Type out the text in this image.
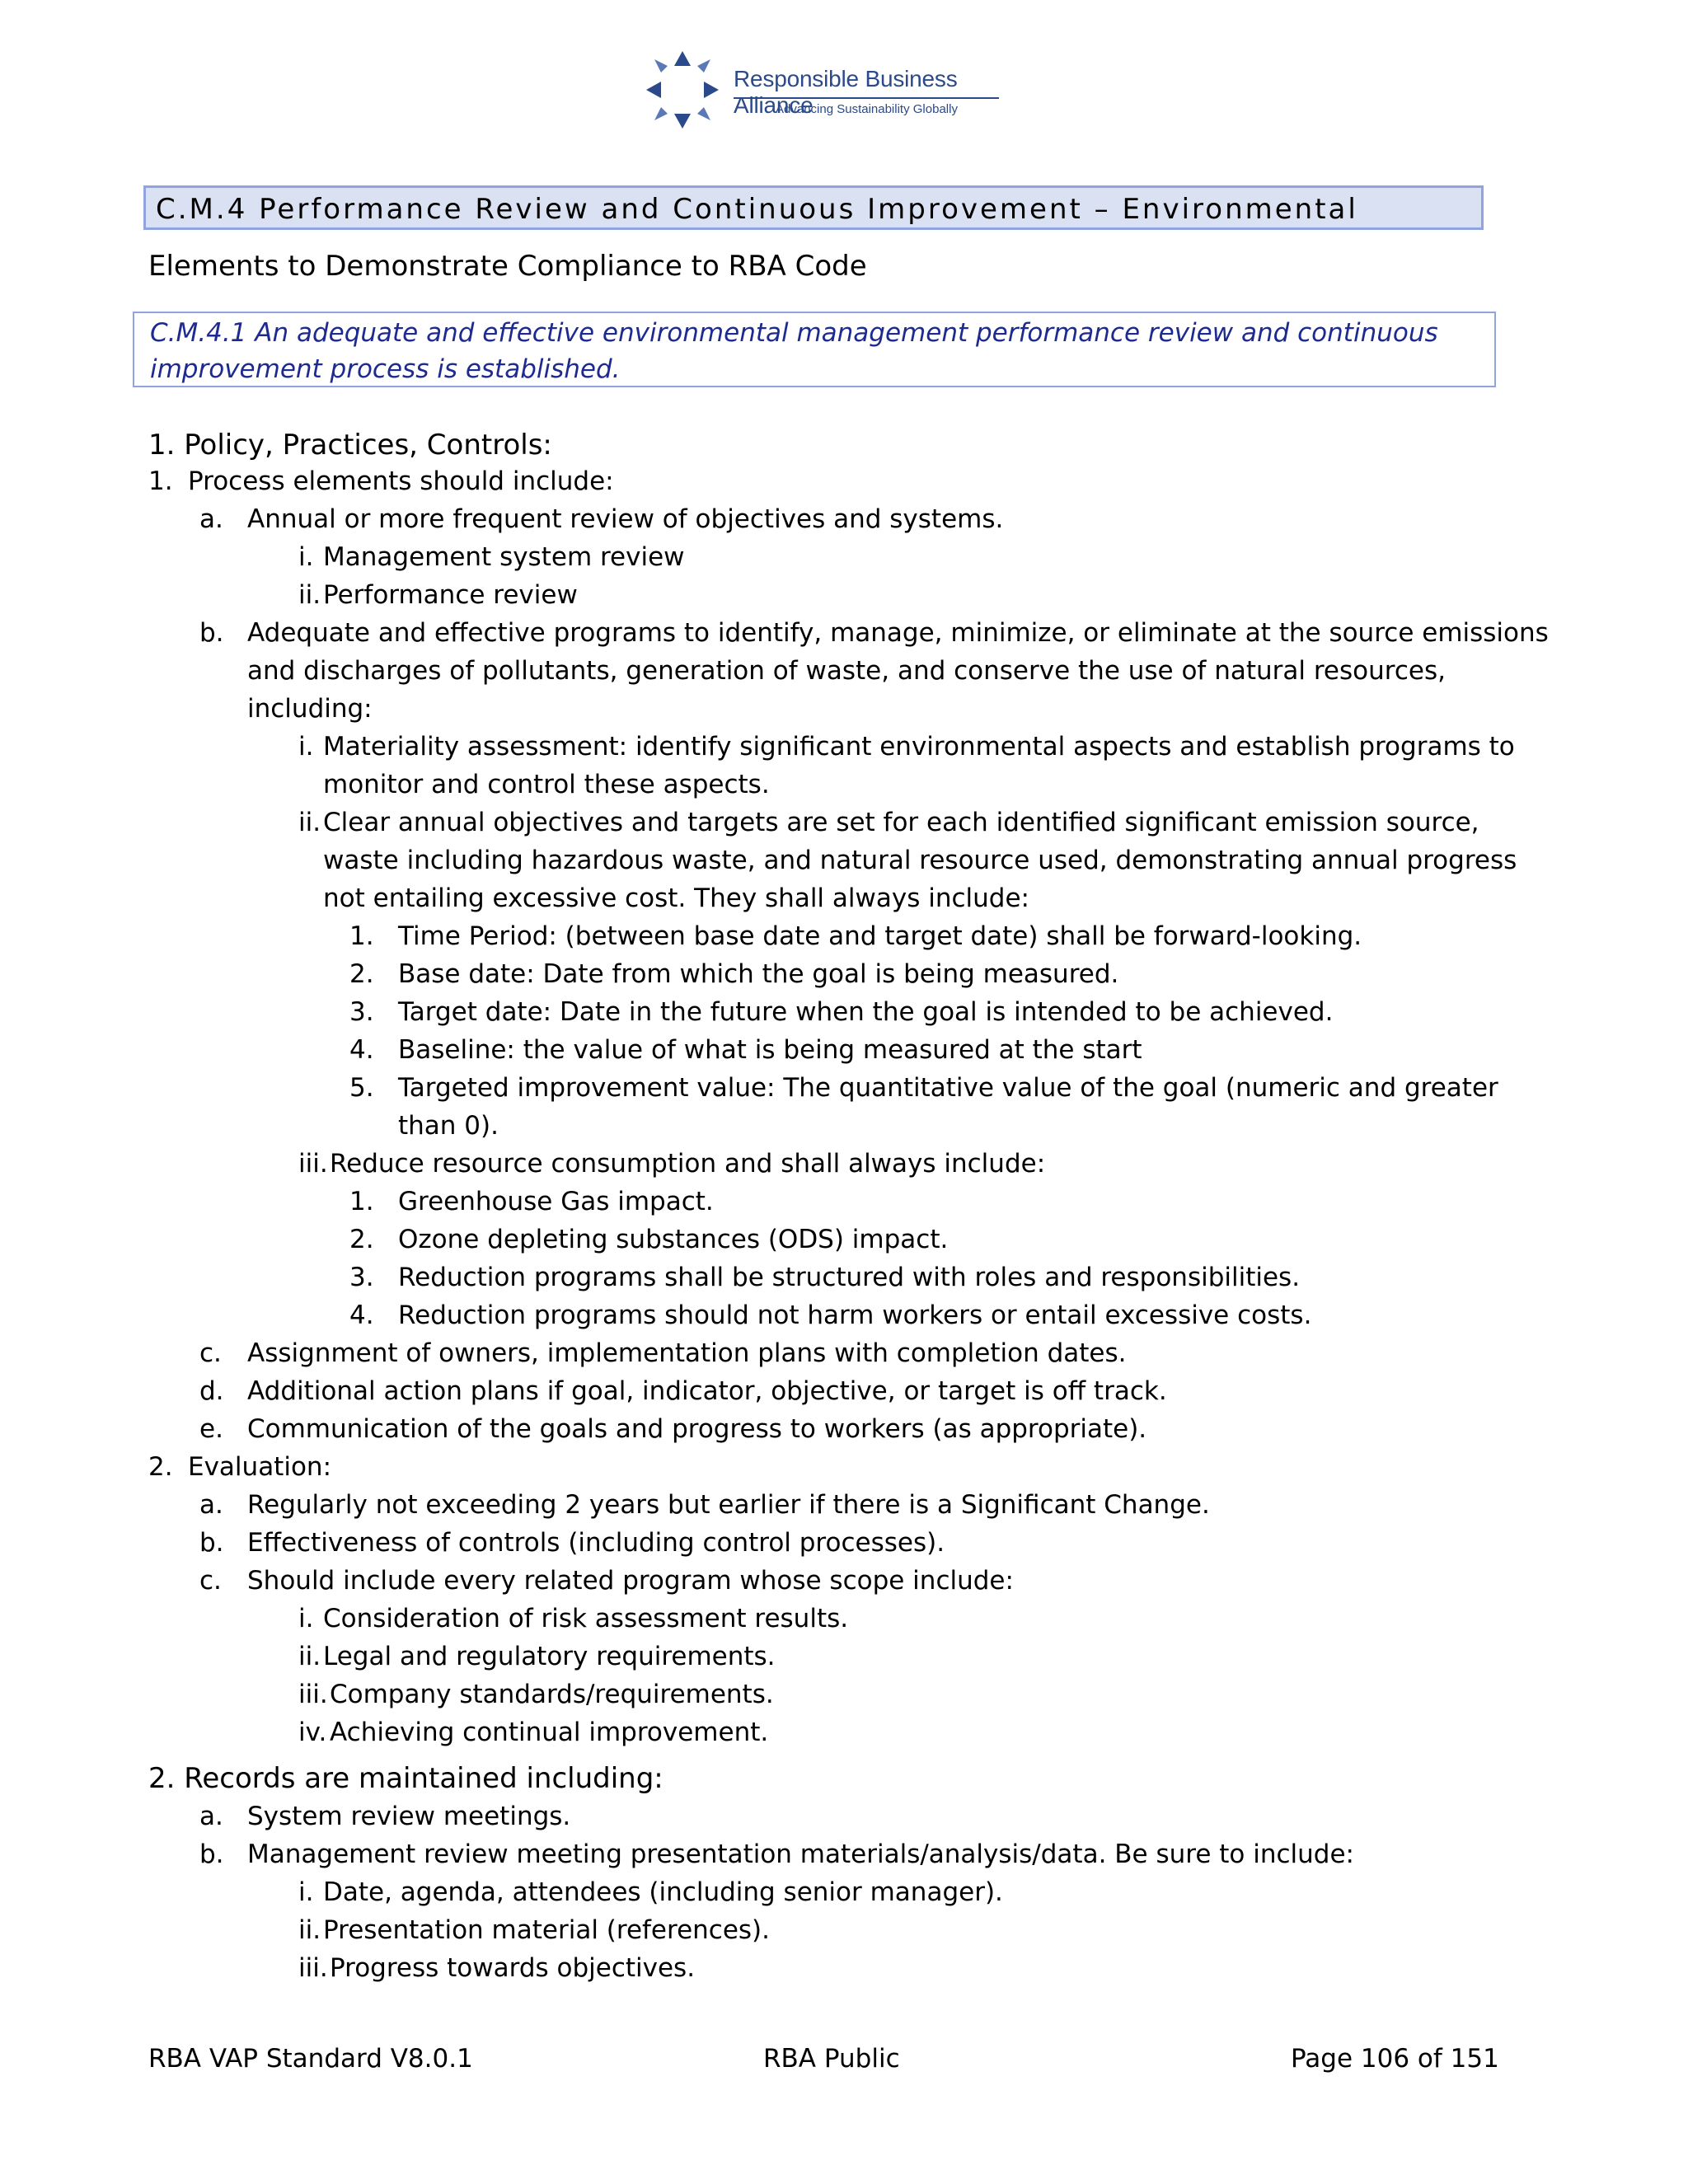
Responsible Business Alliance
Advancing Sustainability Globally
C.M.4 Performance Review and Continuous Improvement – Environmental
Elements to Demonstrate Compliance to RBA Code
C.M.4.1 An adequate and effective environmental management performance review and continuous
improvement process is established.
1. Policy, Practices, Controls:
1. Process elements should include:
a. Annual or more frequent review of objectives and systems.
i. Management system review
ii. Performance review
b. Adequate and effective programs to identify, manage, minimize, or eliminate at the source emissions
and discharges of pollutants, generation of waste, and conserve the use of natural resources,
including:
i. Materiality assessment: identify significant environmental aspects and establish programs to
monitor and control these aspects.
ii. Clear annual objectives and targets are set for each identified significant emission source,
waste including hazardous waste, and natural resource used, demonstrating annual progress
not entailing excessive cost. They shall always include:
1. Time Period: (between base date and target date) shall be forward-looking.
2. Base date: Date from which the goal is being measured.
3. Target date: Date in the future when the goal is intended to be achieved.
4. Baseline: the value of what is being measured at the start
5. Targeted improvement value: The quantitative value of the goal (numeric and greater
than 0).
iii. Reduce resource consumption and shall always include:
1. Greenhouse Gas impact.
2. Ozone depleting substances (ODS) impact.
3. Reduction programs shall be structured with roles and responsibilities.
4. Reduction programs should not harm workers or entail excessive costs.
c. Assignment of owners, implementation plans with completion dates.
d. Additional action plans if goal, indicator, objective, or target is off track.
e. Communication of the goals and progress to workers (as appropriate).
2. Evaluation:
a. Regularly not exceeding 2 years but earlier if there is a Significant Change.
b. Effectiveness of controls (including control processes).
c. Should include every related program whose scope include:
i. Consideration of risk assessment results.
ii. Legal and regulatory requirements.
iii. Company standards/requirements.
iv. Achieving continual improvement.
2. Records are maintained including:
a. System review meetings.
b. Management review meeting presentation materials/analysis/data. Be sure to include:
i. Date, agenda, attendees (including senior manager).
ii. Presentation material (references).
iii. Progress towards objectives.
RBA VAP Standard V8.0.1	RBA Public	Page 106 of 151
